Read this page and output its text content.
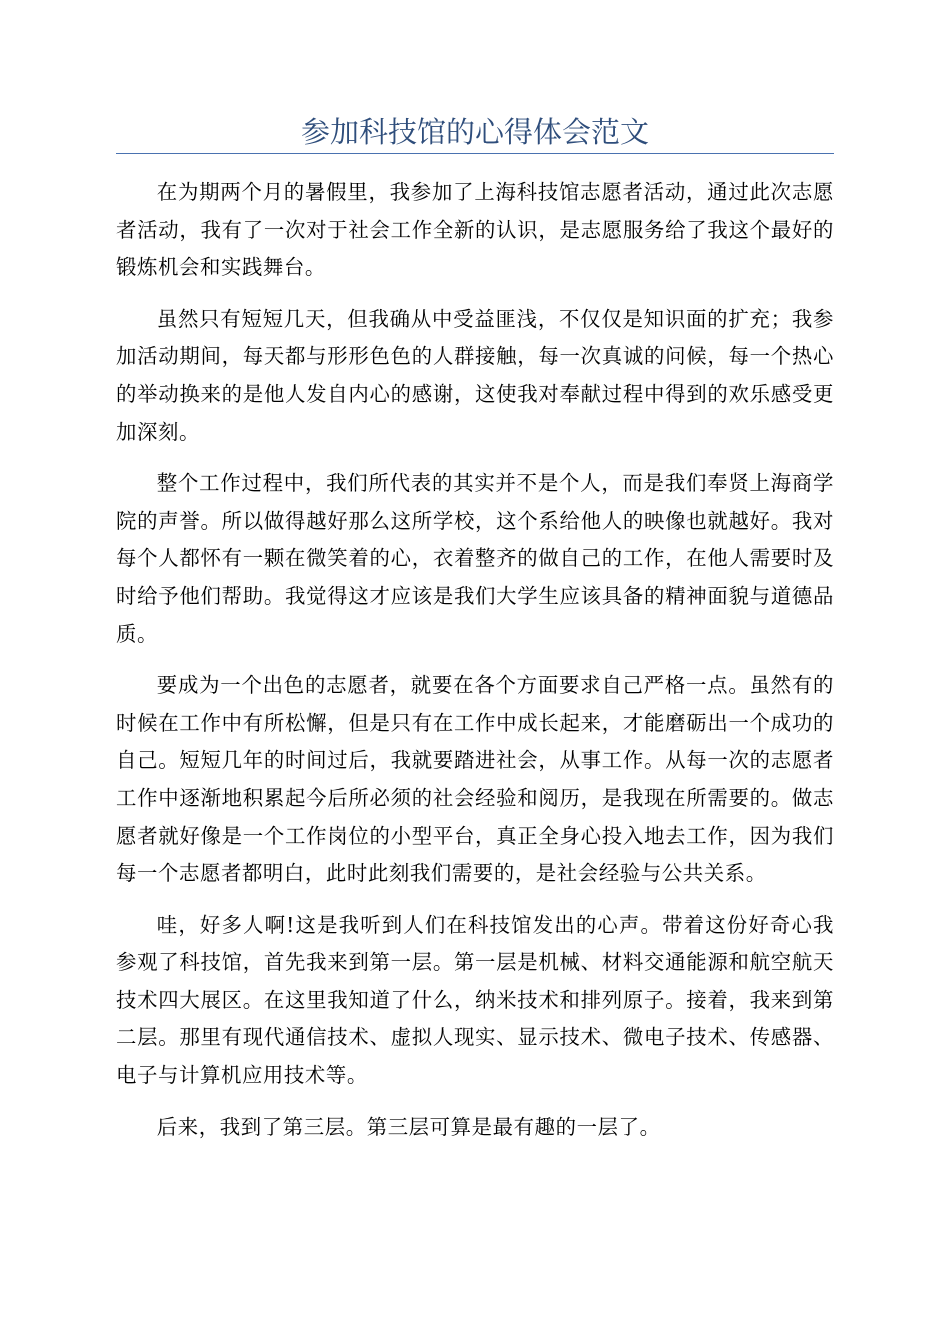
参加科技馆的心得体会范文

在为期两个月的暑假里，我参加了上海科技馆志愿者活动，通过此次志愿者活动，我有了一次对于社会工作全新的认识，是志愿服务给了我这个最好的锻炼机会和实践舞台。

虽然只有短短几天，但我确从中受益匪浅，不仅仅是知识面的扩充；我参加活动期间，每天都与形形色色的人群接触，每一次真诚的问候，每一个热心的举动换来的是他人发自内心的感谢，这使我对奉献过程中得到的欢乐感受更加深刻。

整个工作过程中，我们所代表的其实并不是个人，而是我们奉贤上海商学院的声誉。所以做得越好那么这所学校，这个系给他人的映像也就越好。我对每个人都怀有一颗在微笑着的心，衣着整齐的做自己的工作，在他人需要时及时给予他们帮助。我觉得这才应该是我们大学生应该具备的精神面貌与道德品质。

要成为一个出色的志愿者，就要在各个方面要求自己严格一点。虽然有的时候在工作中有所松懈，但是只有在工作中成长起来，才能磨砺出一个成功的自己。短短几年的时间过后，我就要踏进社会，从事工作。从每一次的志愿者工作中逐渐地积累起今后所必须的社会经验和阅历，是我现在所需要的。做志愿者就好像是一个工作岗位的小型平台，真正全身心投入地去工作，因为我们每一个志愿者都明白，此时此刻我们需要的，是社会经验与公共关系。

哇，好多人啊!这是我听到人们在科技馆发出的心声。带着这份好奇心我参观了科技馆，首先我来到第一层。第一层是机械、材料交通能源和航空航天技术四大展区。在这里我知道了什么，纳米技术和排列原子。接着，我来到第二层。那里有现代通信技术、虚拟人现实、显示技术、微电子技术、传感器、电子与计算机应用技术等。

后来，我到了第三层。第三层可算是最有趣的一层了。
